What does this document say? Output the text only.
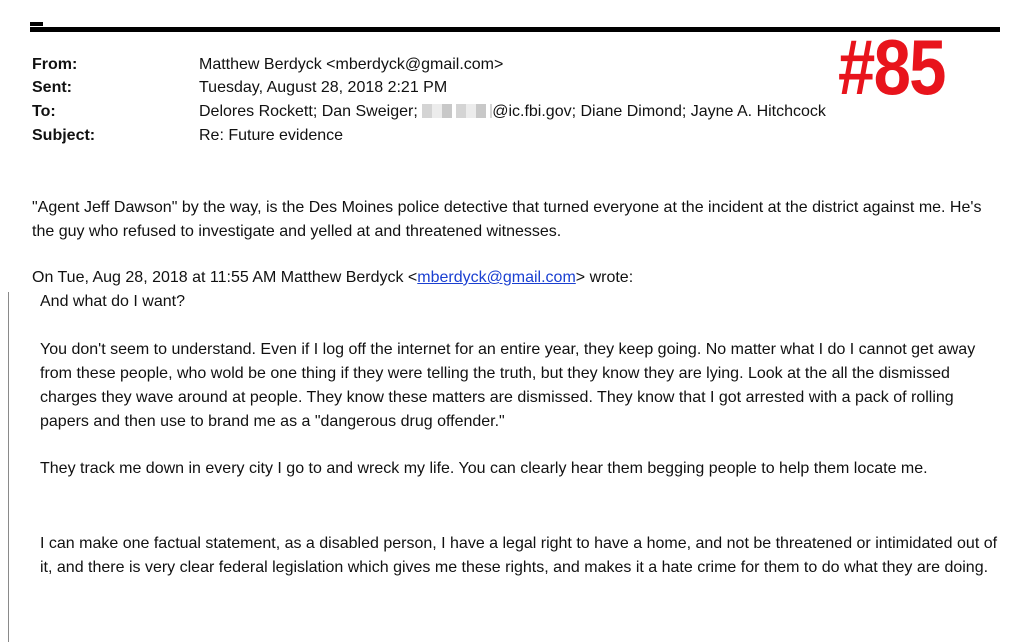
#85
From:	Matthew Berdyck <mberdyck@gmail.com>
Sent:	Tuesday, August 28, 2018 2:21 PM
To:	Delores Rockett; Dan Sweiger;	@ic.fbi.gov; Diane Dimond; Jayne A. Hitchcock
Subject:	Re: Future evidence
"Agent Jeff Dawson" by the way, is the Des Moines police detective that turned everyone at the incident at the district against me. He's the guy who refused to investigate and yelled at and threatened witnesses.
On Tue, Aug 28, 2018 at 11:55 AM Matthew Berdyck <mberdyck@gmail.com> wrote:
And what do I want?
You don't seem to understand. Even if I log off the internet for an entire year, they keep going. No matter what I do I cannot get away from these people, who wold be one thing if they were telling the truth, but they know they are lying. Look at the all the dismissed charges they wave around at people. They know these matters are dismissed. They know that I got arrested with a pack of rolling papers and then use to brand me as a "dangerous drug offender."
They track me down in every city I go to and wreck my life. You can clearly hear them begging people to help them locate me.
I can make one factual statement, as a disabled person, I have a legal right to have a home, and not be threatened or intimidated out of it, and there is very clear federal legislation which gives me these rights, and makes it a hate crime for them to do what they are doing.
